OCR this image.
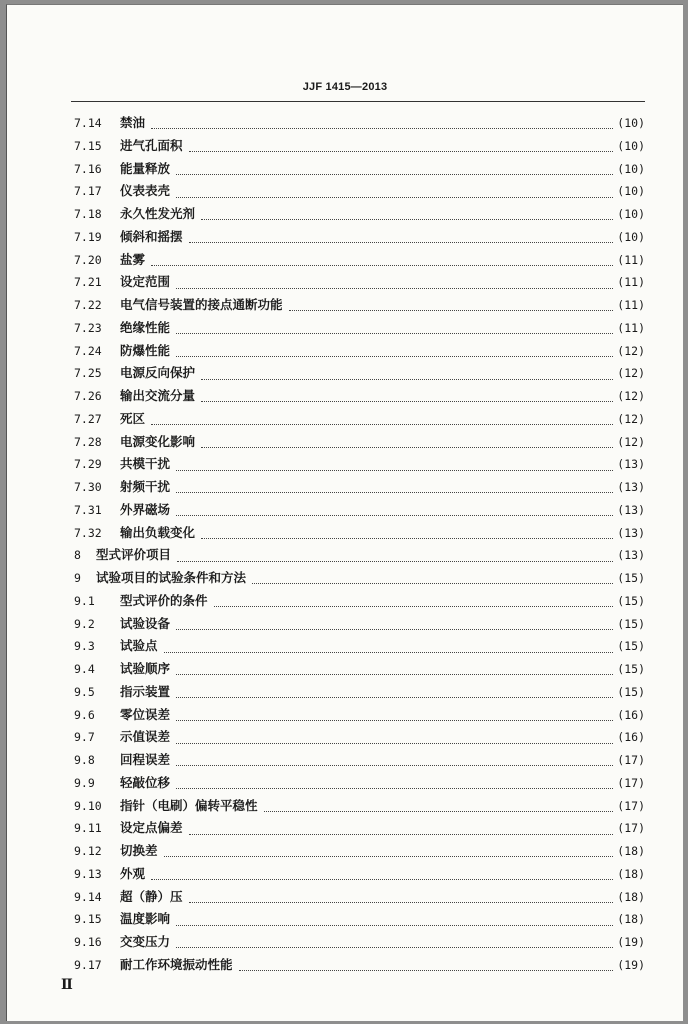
JJF 1415—2013
7.14	禁油	(10)
7.15	进气孔面积	(10)
7.16	能量释放	(10)
7.17	仪表表壳	(10)
7.18	永久性发光剂	(10)
7.19	倾斜和摇摆	(10)
7.20	盐雾	(11)
7.21	设定范围	(11)
7.22	电气信号装置的接点通断功能	(11)
7.23	绝缘性能	(11)
7.24	防爆性能	(12)
7.25	电源反向保护	(12)
7.26	输出交流分量	(12)
7.27	死区	(12)
7.28	电源变化影响	(12)
7.29	共模干扰	(13)
7.30	射频干扰	(13)
7.31	外界磁场	(13)
7.32	输出负载变化	(13)
8	型式评价项目	(13)
9	试验项目的试验条件和方法	(15)
9.1	型式评价的条件	(15)
9.2	试验设备	(15)
9.3	试验点	(15)
9.4	试验顺序	(15)
9.5	指示装置	(15)
9.6	零位误差	(16)
9.7	示值误差	(16)
9.8	回程误差	(17)
9.9	轻敲位移	(17)
9.10	指针（电刷）偏转平稳性	(17)
9.11	设定点偏差	(17)
9.12	切换差	(18)
9.13	外观	(18)
9.14	超（静）压	(18)
9.15	温度影响	(18)
9.16	交变压力	(19)
9.17	耐工作环境振动性能	(19)
Ⅱ
